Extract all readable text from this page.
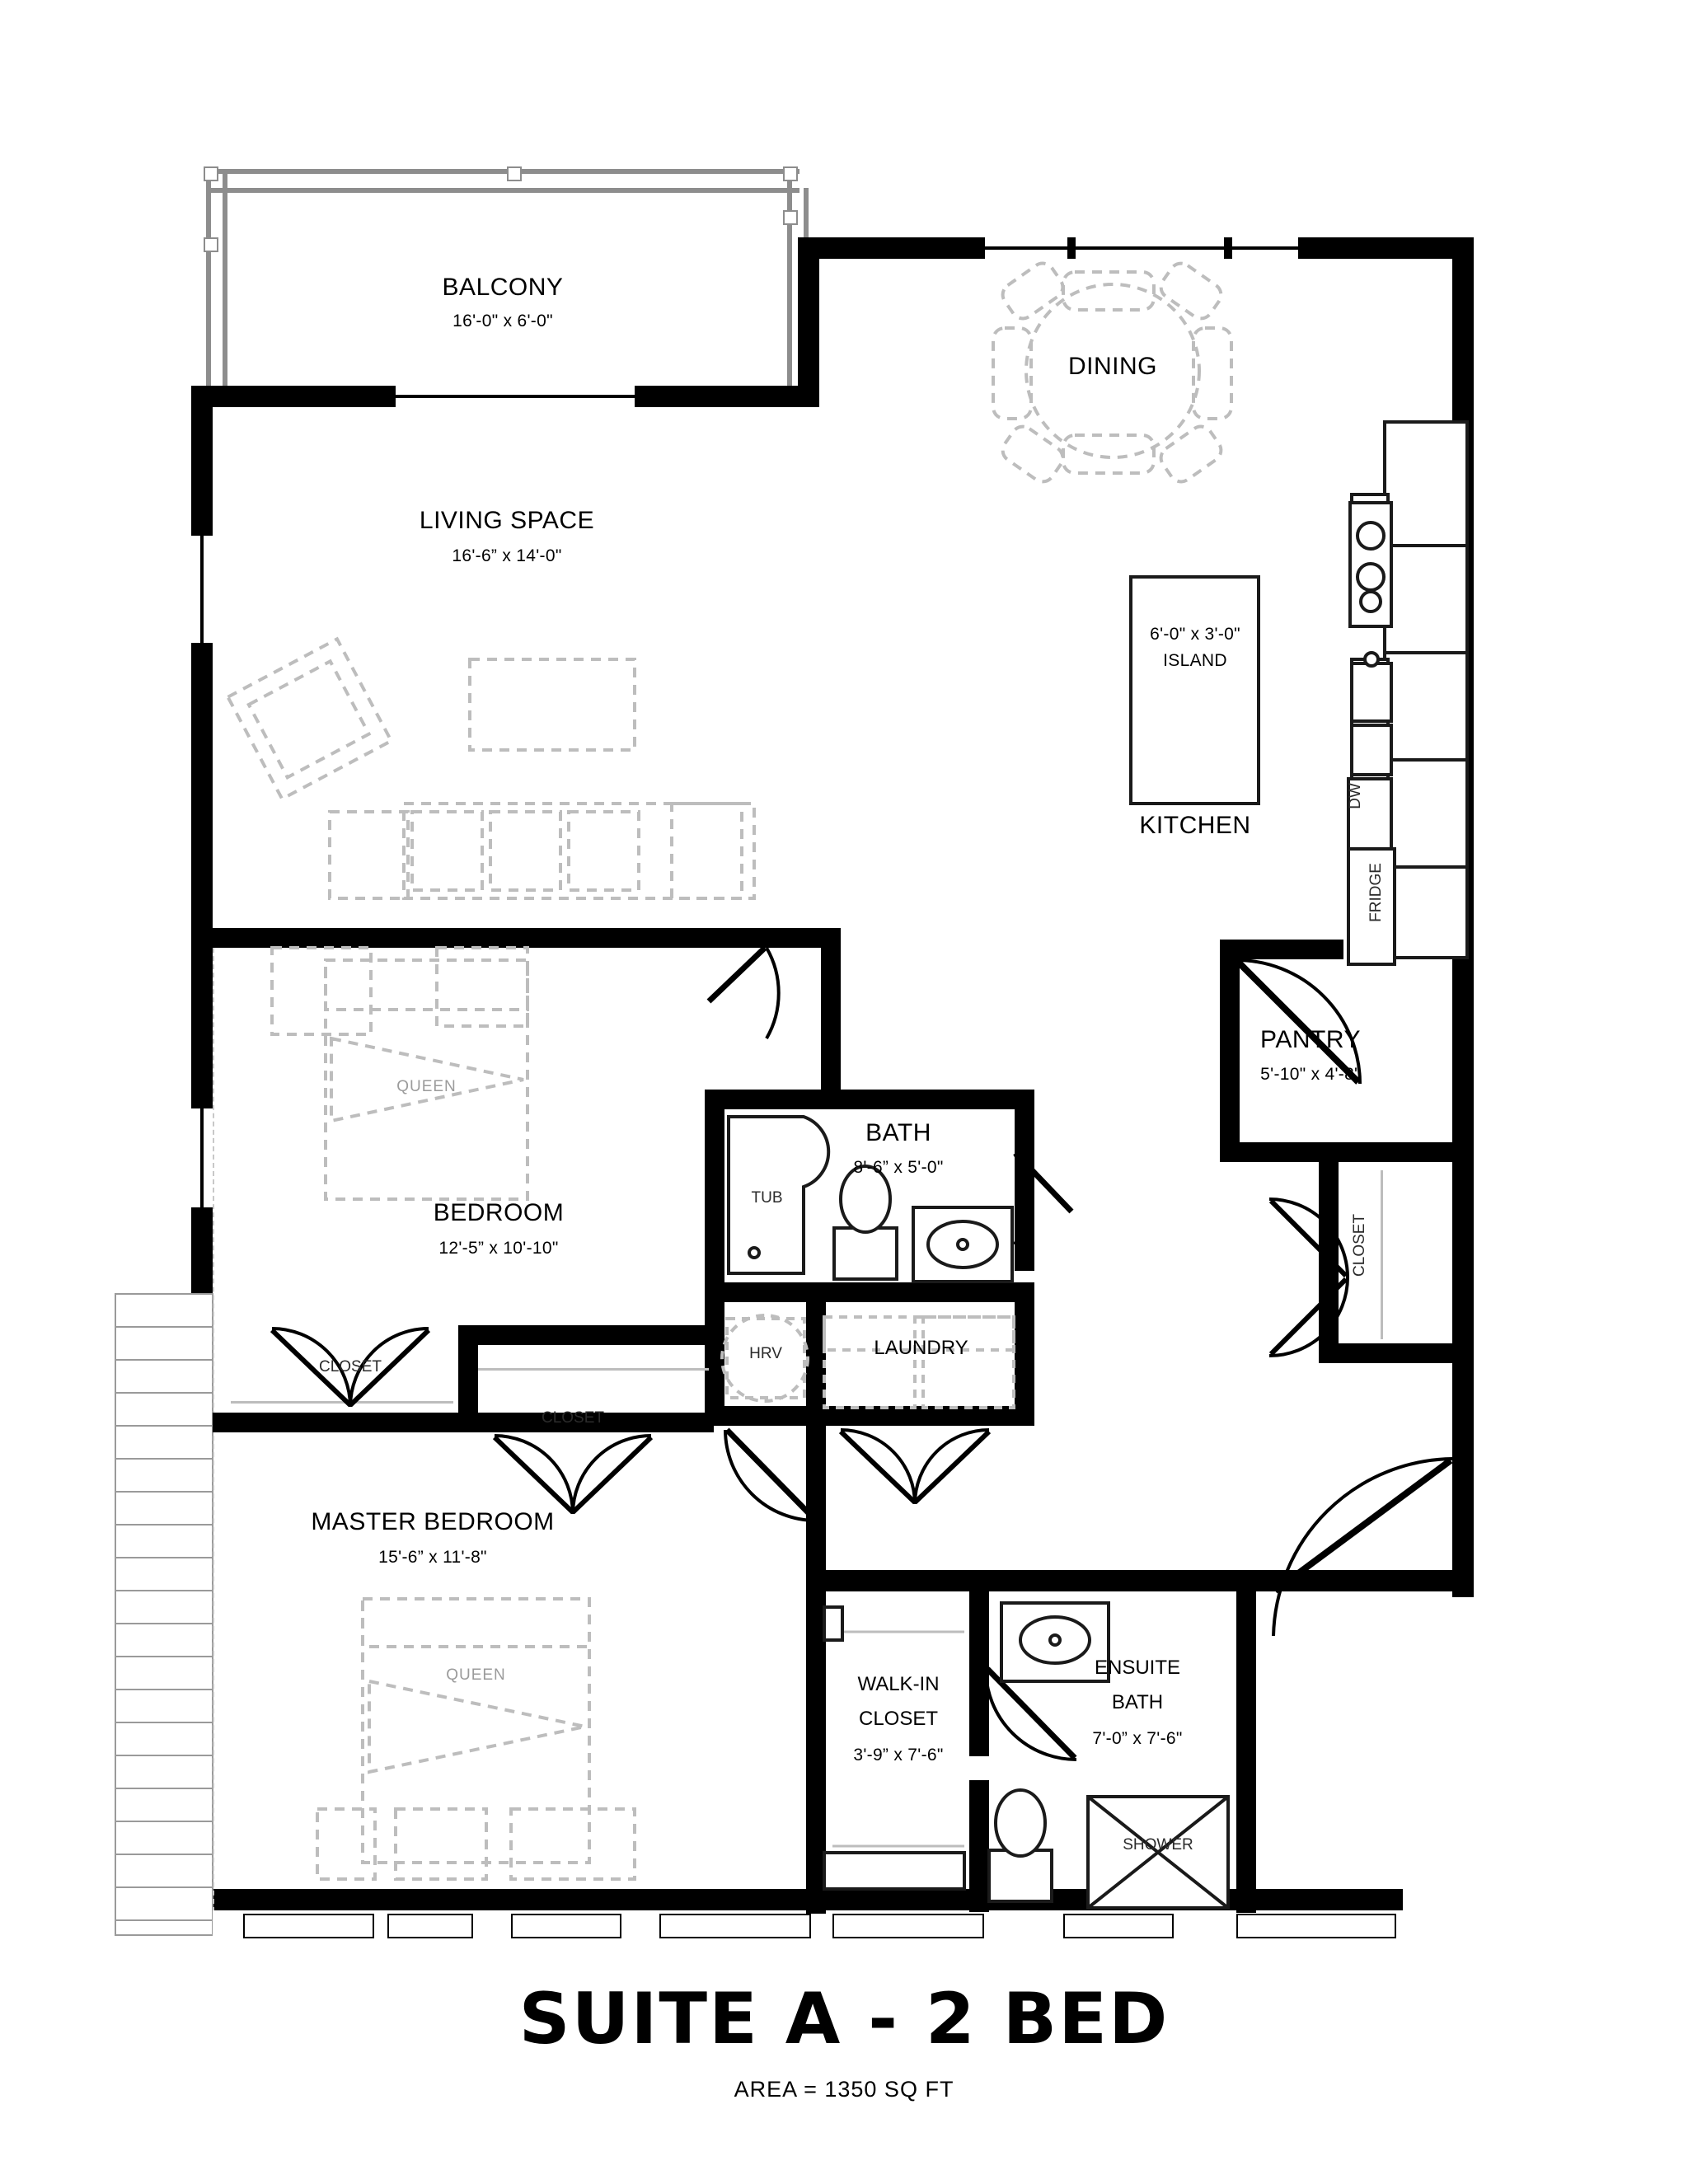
BALCONY
16'-0" x 6'-0"
LIVING SPACE
16'-6” x 14'-0"
DINING
KITCHEN
6'-0" x 3'-0"
ISLAND
DW
FRIDGE
PANTRY
5'-10" x 4'-8"
CLOSET
BEDROOM
12'-5” x 10'-10"
QUEEN
BATH
8'-6” x 5'-0"
TUB
HRV	LAUNDRY
CLOSET
CLOSET
MASTER BEDROOM
15'-6” x 11'-8"
QUEEN	WALK-IN
CLOSET
3'-9” x 7'-6"
ENSUITE
BATH
7'-0” x 7'-6"
SHOWER
SUITE A - 2 BED
AREA = 1350 SQ FT
